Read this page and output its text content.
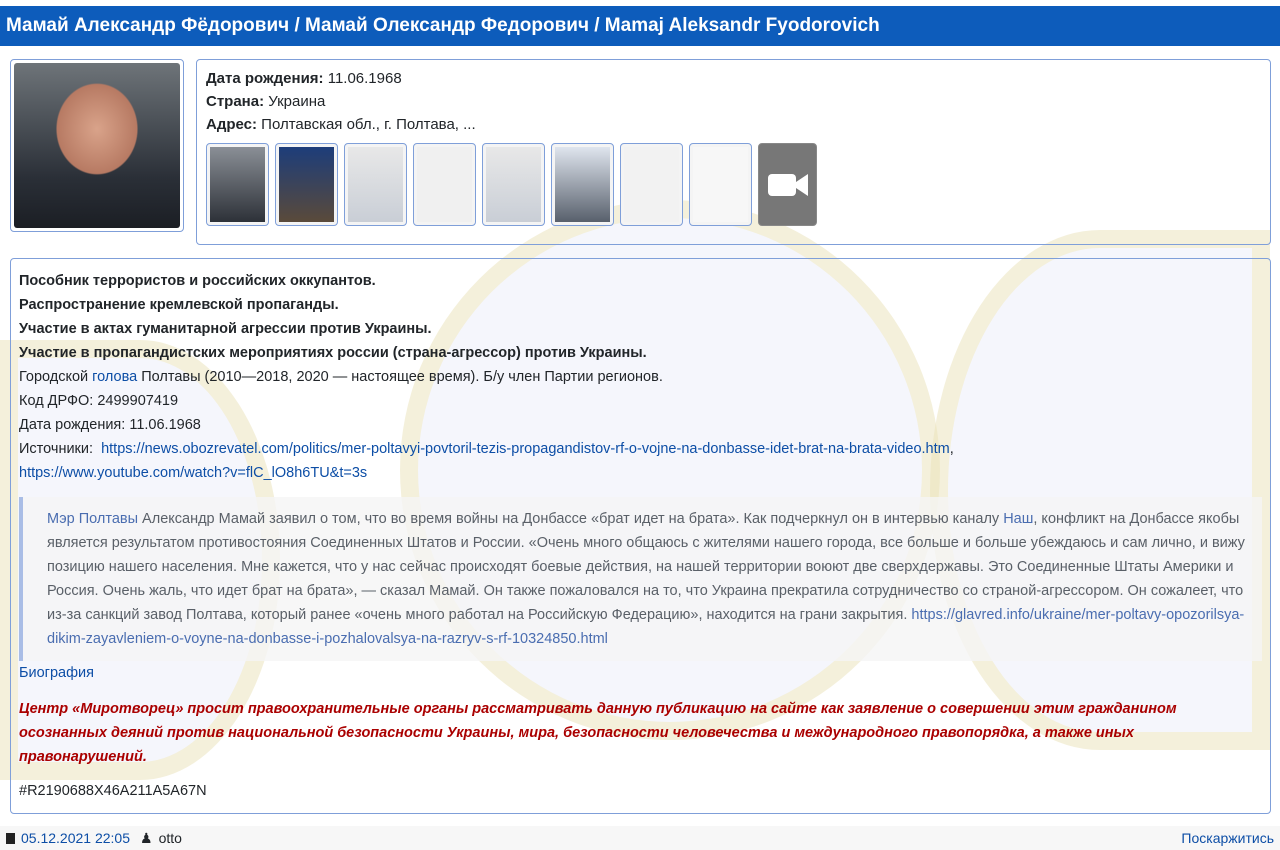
Мамай Александр Фёдорович / Мамай Олександр Федорович / Mamaj Aleksandr Fyodorovich

Дата рождения: 11.06.1968

Страна: Украина

Адрес: Полтавская обл., г. Полтава, ...

Пособник террористов и российских оккупантов.

Распространение кремлевской пропаганды.

Участие в актах гуманитарной агрессии против Украины.

Участие в пропагандистских мероприятиях россии (страна-агрессор) против Украины.

Городской голова Полтавы (2010—2018, 2020 — настоящее время). Б/у член Партии регионов.

Код ДРФО: 2499907419

Дата рождения: 11.06.1968

Источники: https://news.obozrevatel.com/politics/mer-poltavyi-povtoril-tezis-propagandistov-rf-o-vojne-na-donbasse-idet-brat-na-brata-video.htm,
https://www.youtube.com/watch?v=flC_lO8h6TU&t=3s

Мэр Полтавы Александр Мамай заявил о том, что во время войны на Донбассе «брат идет на брата». Как подчеркнул он в интервью каналу Наш, конфликт на Донбассе якобы является результатом противостояния Соединенных Штатов и России. «Очень много общаюсь с жителями нашего города, все больше и больше убеждаюсь и сам лично, и вижу позицию нашего населения. Мне кажется, что у нас сейчас происходят боевые действия, на нашей территории воюют две сверхдержавы. Это Соединенные Штаты Америки и Россия. Очень жаль, что идет брат на брата», — сказал Мамай. Он также пожаловался на то, что Украина прекратила сотрудничество со страной-агрессором. Он сожалеет, что из-за санкций завод Полтава, который ранее «очень много работал на Российскую Федерацию», находится на грани закрытия. https://glavred.info/ukraine/mer-poltavy-opozorilsya-dikim-zayavleniem-o-voyne-na-donbasse-i-pozhalovalsya-na-razryv-s-rf-10324850.html

Биография

Центр «Миротворец» просит правоохранительные органы рассматривать данную публикацию на сайте как заявление о совершении этим гражданином осознанных деяний против национальной безопасности Украины, мира, безопасности человечества и международного правопорядка, а также иных правонарушений.

#R2190688X46A211A5A67N

05.12.2021 22:05 ♟ otto	Поскаржитись
